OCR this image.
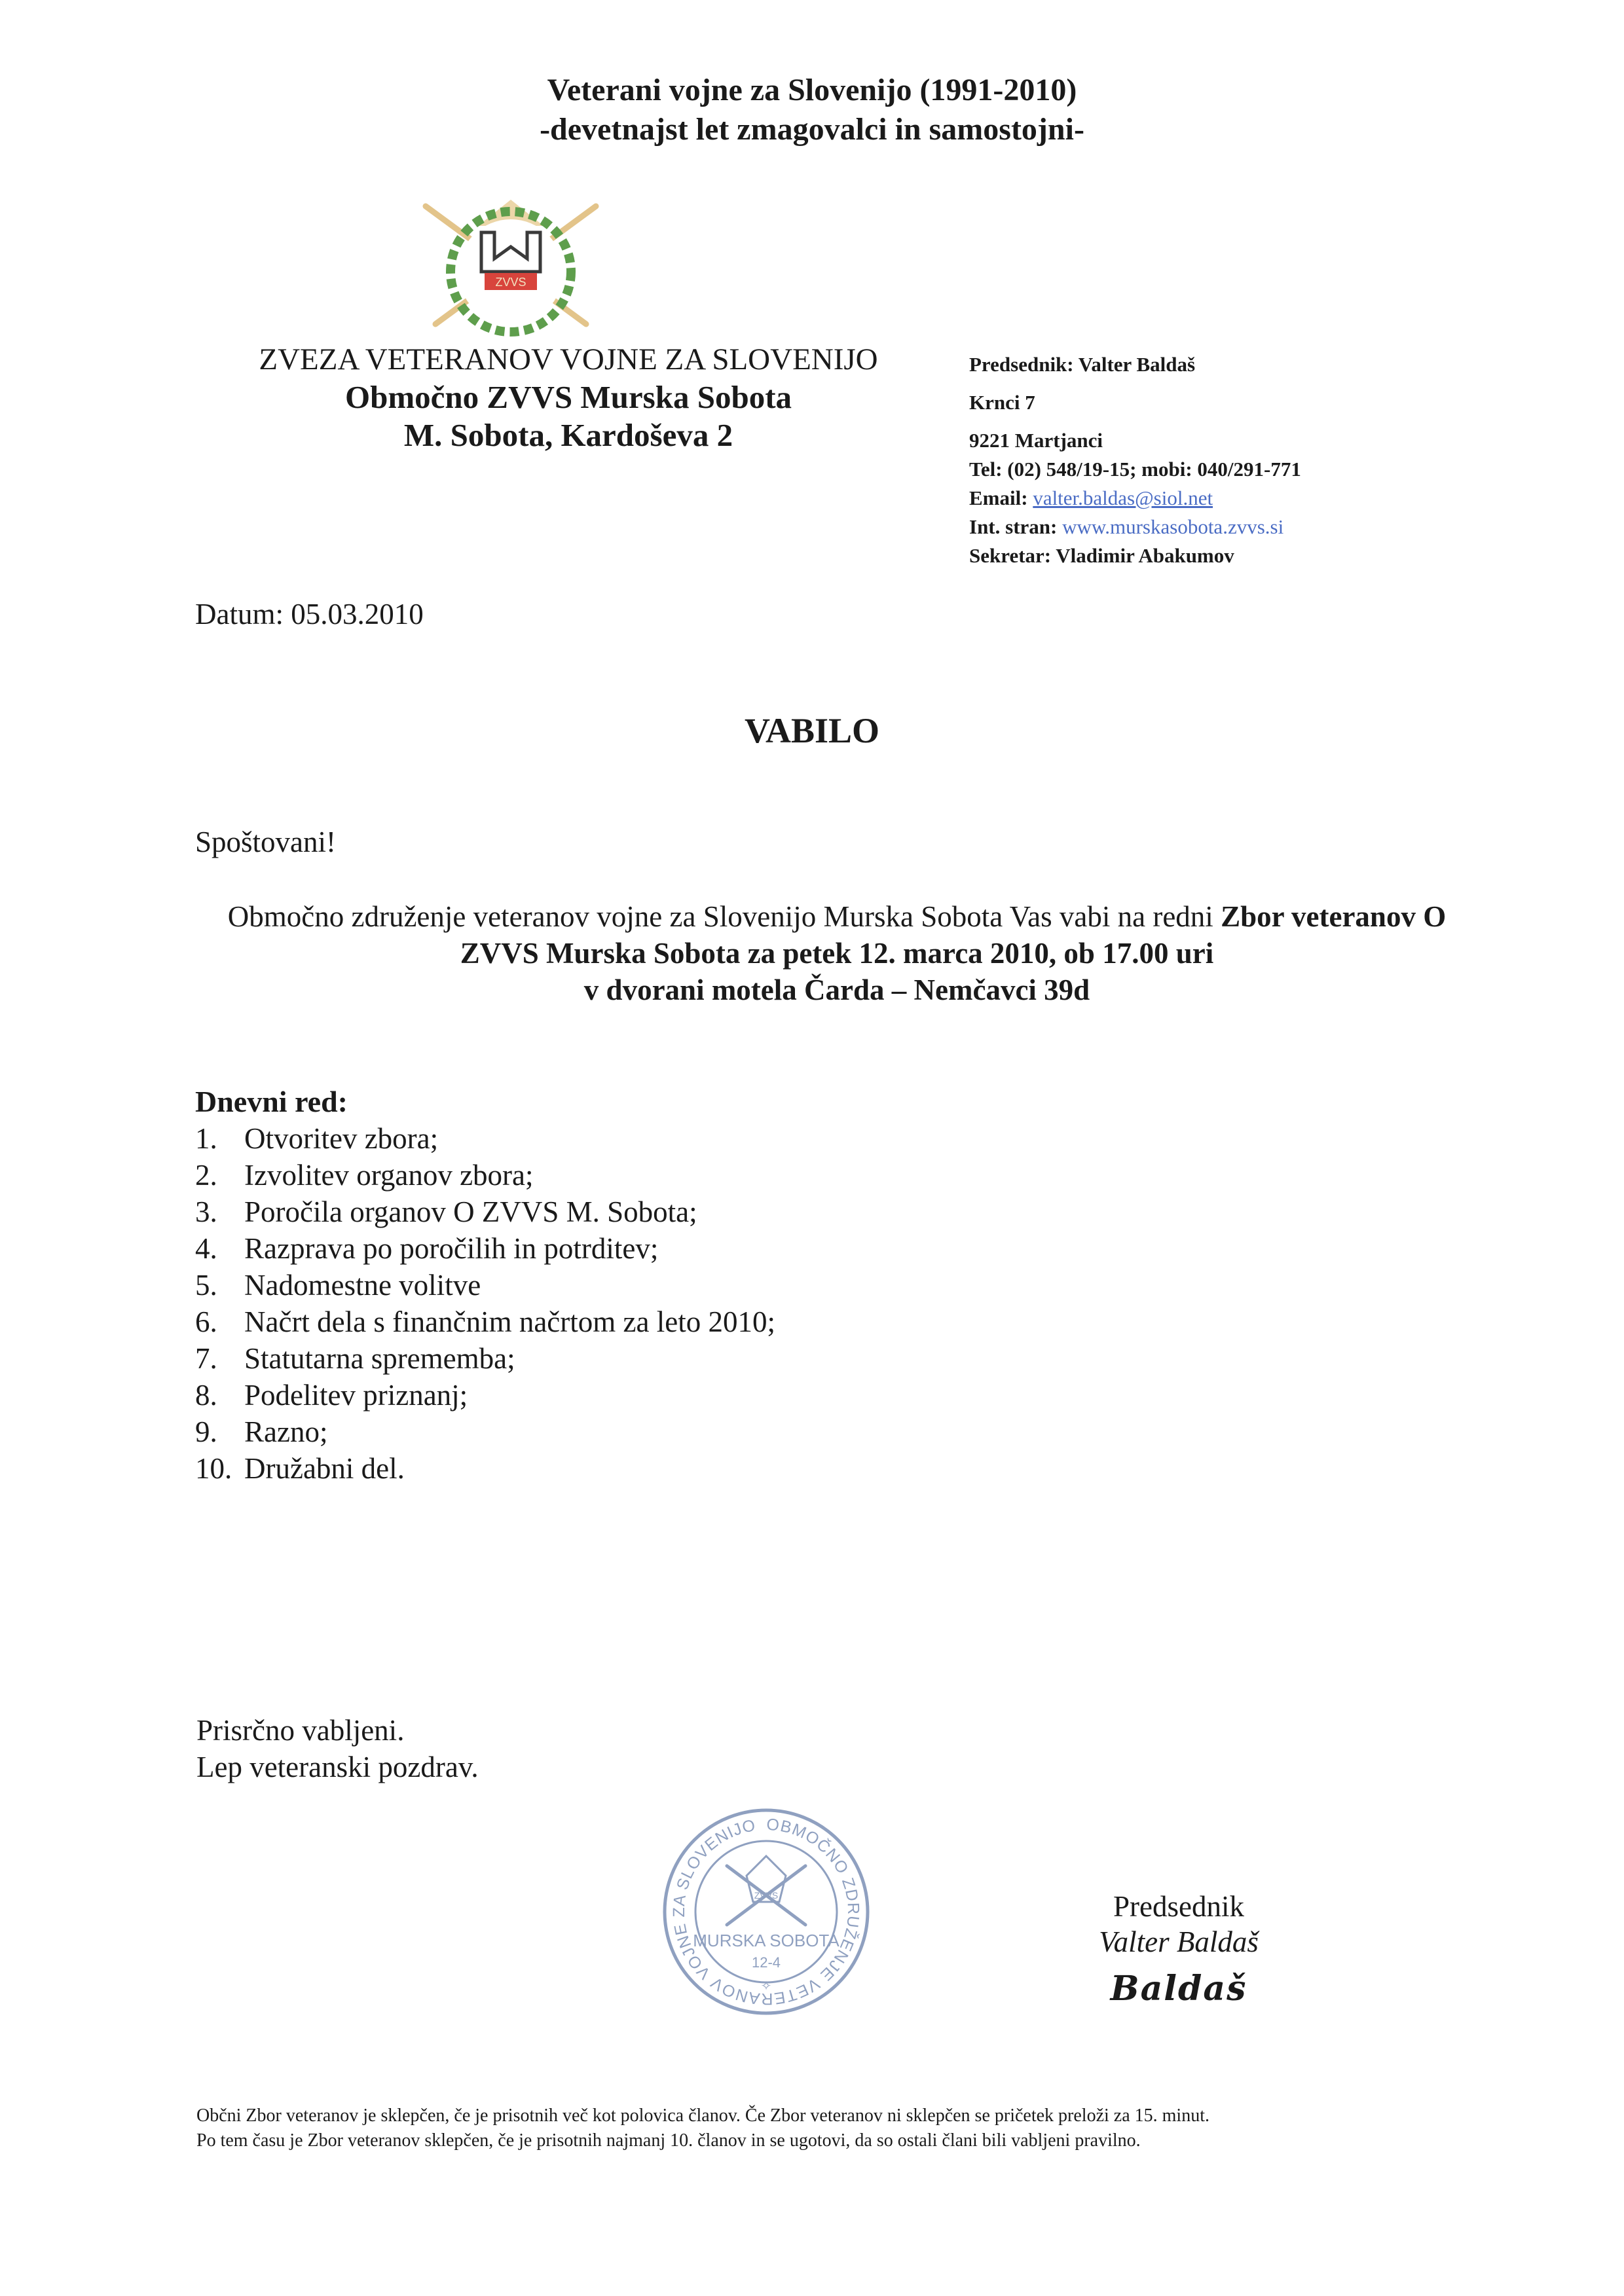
Veterani vojne za Slovenijo (1991-2010)
-devetnajst let zmagovalci in samostojni-
ZVVS
ZVEZA VETERANOV VOJNE ZA SLOVENIJO
Območno ZVVS Murska Sobota
M. Sobota, Kardoševa 2
Predsednik: Valter Baldaš
Krnci 7
9221 Martjanci
Tel: (02) 548/19-15; mobi: 040/291-771
Email: valter.baldas@siol.net
Int. stran: www.murskasobota.zvvs.si
Sekretar: Vladimir Abakumov
Datum: 05.03.2010
VABILO
Spoštovani!
Območno združenje veteranov vojne za Slovenijo Murska Sobota Vas vabi na redni Zbor veteranov O ZVVS Murska Sobota za petek 12. marca 2010, ob 17.00 uri
v dvorani motela Čarda – Nemčavci 39d
Dnevni red:
1. Otvoritev zbora;
2. Izvolitev organov zbora;
3. Poročila organov O ZVVS M. Sobota;
4. Razprava po poročilih in potrditev;
5. Nadomestne volitve
6. Načrt dela s finančnim načrtom za leto 2010;
7. Statutarna sprememba;
8. Podelitev priznanj;
9. Razno;
10. Družabni del.
Prisrčno vabljeni.
Lep veteranski pozdrav.
OBMOČNO ZDRUŽENJE VETERANOV VOJNE ZA SLOVENIJO
ZVVS
MURSKA SOBOTA
12-4
✧
Predsednik
Valter Baldaš
Baldaš
Občni Zbor veteranov je sklepčen, če je prisotnih več kot polovica članov. Če Zbor veteranov ni sklepčen se pričetek preloži za 15. minut.
Po tem času je Zbor veteranov sklepčen, če je prisotnih najmanj 10. članov in se ugotovi, da so ostali člani bili vabljeni pravilno.
